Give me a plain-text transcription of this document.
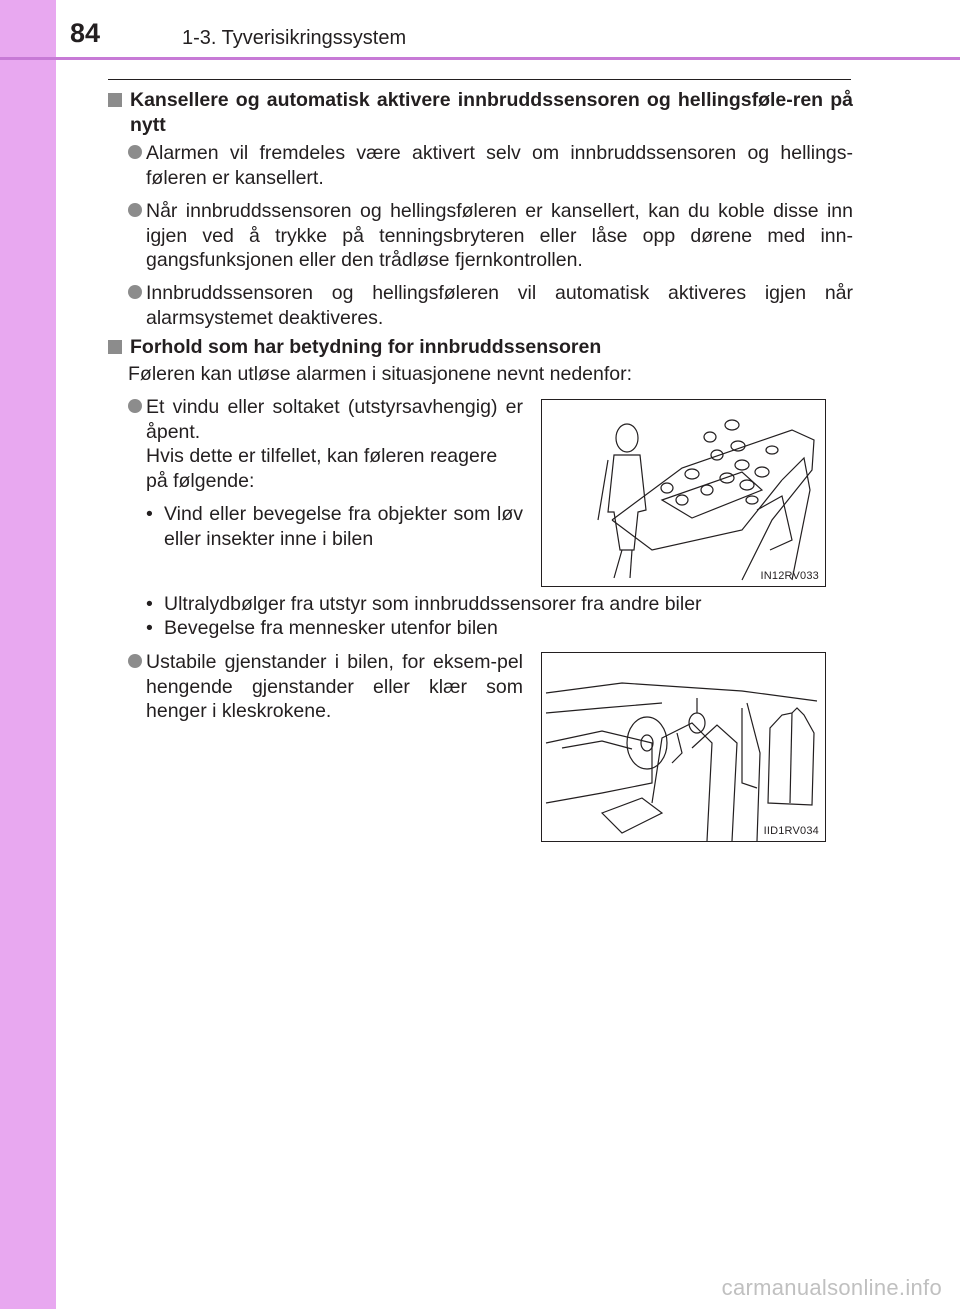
84	1-3. Tyverisikringssystem
Kansellere og automatisk aktivere innbruddssensoren og hellingsføle-ren på nytt
Alarmen vil fremdeles være aktivert selv om innbruddssensoren og hellings-føleren er kansellert.
Når innbruddssensoren og hellingsføleren er kansellert, kan du koble disse inn igjen ved å trykke på tenningsbryteren eller låse opp dørene med inn-gangsfunksjonen eller den trådløse fjernkontrollen.
Innbruddssensoren og hellingsføleren vil automatisk aktiveres igjen når alarmsystemet deaktiveres.
Forhold som har betydning for innbruddssensoren
Føleren kan utløse alarmen i situasjonene nevnt nedenfor:
Et vindu eller soltaket (utstyrsavhengig) er åpent.
Hvis dette er tilfellet, kan føleren reagere på følgende:
• Vind eller bevegelse fra objekter som løv eller insekter inne i bilen
IN12RV033
• Ultralydbølger fra utstyr som innbruddssensorer fra andre biler
• Bevegelse fra mennesker utenfor bilen
Ustabile gjenstander i bilen, for eksem-pel hengende gjenstander eller klær som henger i kleskrokene.
IID1RV034
carmanualsonline.info
